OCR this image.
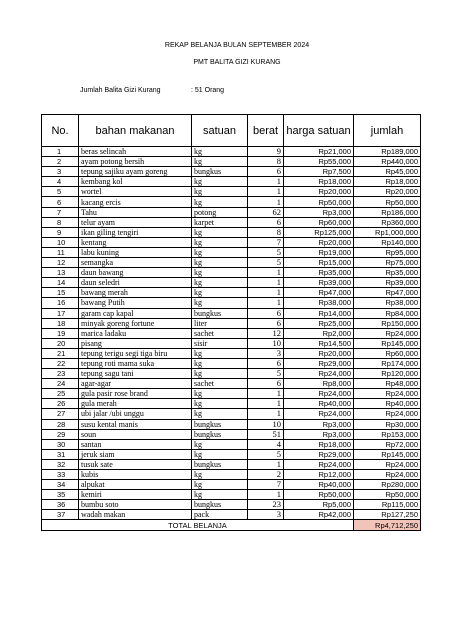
REKAP BELANJA BULAN SEPTEMBER 2024
PMT BALITA GIZI KURANG
Jumlah Balita Gizi Kurang	: 51 Orang
No.	bahan makanan	satuan	berat	harga satuan	jumlah
1	beras selincah	kg	9	Rp21,000	Rp189,000
2	ayam potong bersih	kg	8	Rp55,000	Rp440,000
3	tepung sajiku ayam goreng	bungkus	6	Rp7,500	Rp45,000
4	kembang kol	kg	1	Rp18,000	Rp18,000
5	wortel	kg	1	Rp20,000	Rp20,000
6	kacang ercis	kg	1	Rp50,000	Rp50,000
7	Tahu	potong	62	Rp3,000	Rp186,000
8	telur ayam	karpet	6	Rp60,000	Rp360,000
9	ikan giling tengiri	kg	8	Rp125,000	Rp1,000,000
10	kentang	kg	7	Rp20,000	Rp140,000
11	labu kuning	kg	5	Rp19,000	Rp95,000
12	semangka	kg	5	Rp15,000	Rp75,000
13	daun bawang	kg	1	Rp35,000	Rp35,000
14	daun seledri	kg	1	Rp39,000	Rp39,000
15	bawang merah	kg	1	Rp47,000	Rp47,000
16	bawang Putih	kg	1	Rp38,000	Rp38,000
17	garam cap kapal	bungkus	6	Rp14,000	Rp84,000
18	minyak goreng fortune	liter	6	Rp25,000	Rp150,000
19	marica ladaku	sachet	12	Rp2,000	Rp24,000
20	pisang	sisir	10	Rp14,500	Rp145,000
21	tepung terigu segi tiga biru	kg	3	Rp20,000	Rp60,000
22	tepung roti mama suka	kg	6	Rp29,000	Rp174,000
23	tepung sagu tani	kg	5	Rp24,000	Rp120,000
24	agar-agar	sachet	6	Rp8,000	Rp48,000
25	gula pasir rose brand	kg	1	Rp24,000	Rp24,000
26	gula merah	kg	1	Rp40,000	Rp40,000
27	ubi jalar /ubi unggu	kg	1	Rp24,000	Rp24,000
28	susu kental manis	bungkus	10	Rp3,000	Rp30,000
29	soun	bungkus	51	Rp3,000	Rp153,000
30	santan	kg	4	Rp18,000	Rp72,000
31	jeruk siam	kg	5	Rp29,000	Rp145,000
32	tusuk sate	bungkus	1	Rp24,000	Rp24,000
33	kubis	kg	2	Rp12,000	Rp24,000
34	alpukat	kg	7	Rp40,000	Rp280,000
35	kemiri	kg	1	Rp50,000	Rp50,000
36	bumbu soto	bungkus	23	Rp5,000	Rp115,000
37	wadah makan	pack	3	Rp42,000	Rp127,250
TOTAL BELANJA					Rp4,712,250
